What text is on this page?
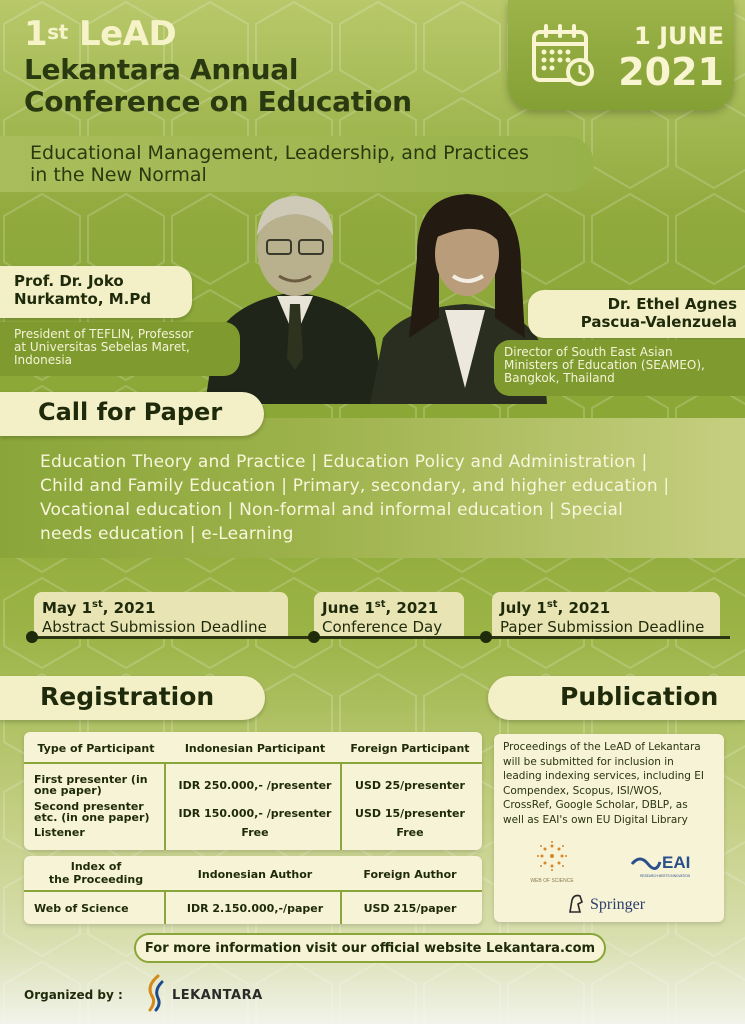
1st LeAD
Lekantara Annual
Conference on Education
1 JUNE
2021
Educational Management, Leadership, and Practices
in the New Normal
Prof. Dr. Joko
Nurkamto, M.Pd
President of TEFLIN, Professor
at Universitas Sebelas Maret,
Indonesia
Dr. Ethel Agnes
Pascua-Valenzuela
Director of South East Asian
Ministers of Education (SEAMEO),
Bangkok, Thailand
Education Theory and Practice | Education Policy and Administration |
Child and Family Education | Primary, secondary, and higher education |
Vocational education | Non-formal and informal education | Special
needs education | e-Learning
Call for Paper
May 1st, 2021
Abstract Submission Deadline
June 1st, 2021
Conference Day
July 1st, 2021
Paper Submission Deadline
Registration	Publication
Type of Participant	Indonesian Participant	Foreign Participant
First presenter (in
one paper)	IDR 250.000,- /presenter	USD 25/presenter
Second presenter
etc. (in one paper)	IDR 150.000,- /presenter	USD 15/presenter
Listener	Free	Free
Index of
the Proceeding	Indonesian Author	Foreign Author
Web of Science	IDR 2.150.000,-/paper	USD 215/paper
Proceedings of the LeAD of Lekantara
will be submitted for inclusion in
leading indexing services, including EI
Compendex, Scopus, ISI/WOS,
CrossRef, Google Scholar, DBLP, as
well as EAI's own EU Digital Library
WEB OF SCIENCE
EAI
RESEARCH MEETS INNOVATION
Springer
For more information visit our official website Lekantara.com
Organized by :	LEKANTARA
